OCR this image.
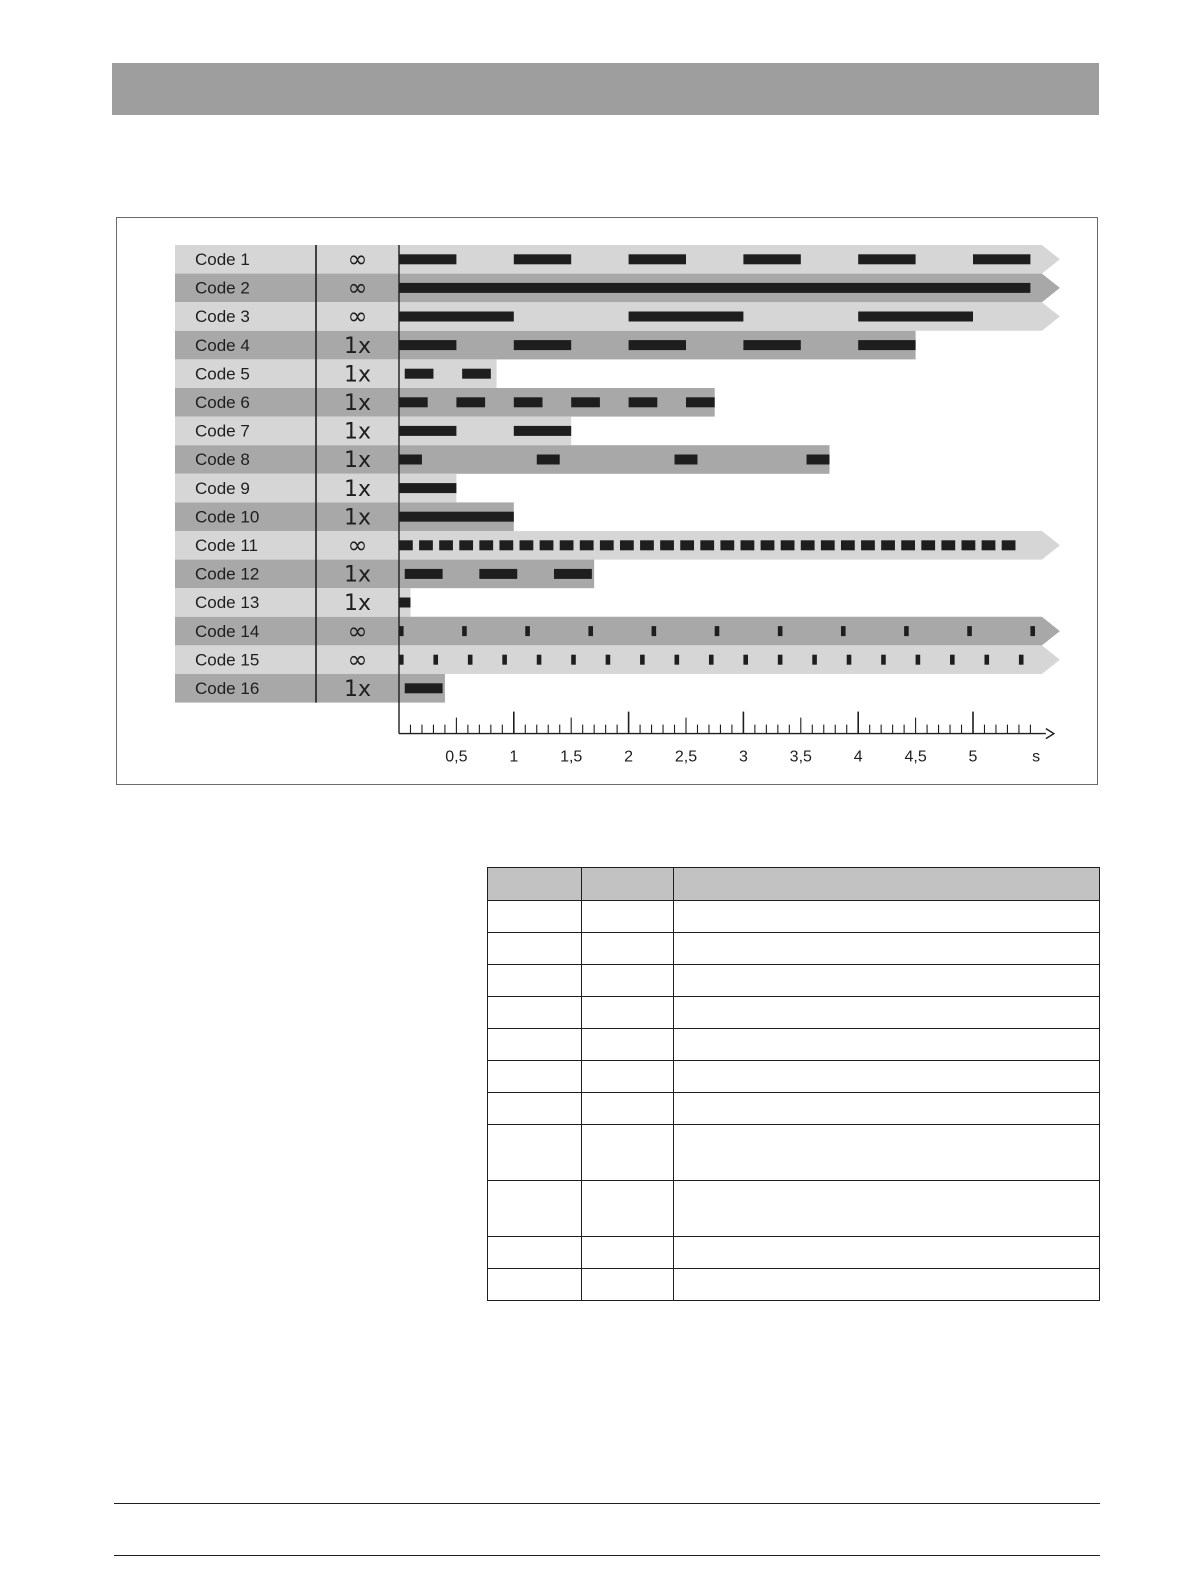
Code 1	∞
Code 2	∞
Code 3	∞
Code 4	1x
Code 5	1x
Code 6	1x
Code 7	1x
Code 8	1x
Code 9	1x
Code 10	1x
Code 11	∞
Code 12	1x
Code 13	1x
Code 14	∞
Code 15	∞
Code 16	1x
0,5	1	1,5	2	2,5	3	3,5	4	4,5	5	s
